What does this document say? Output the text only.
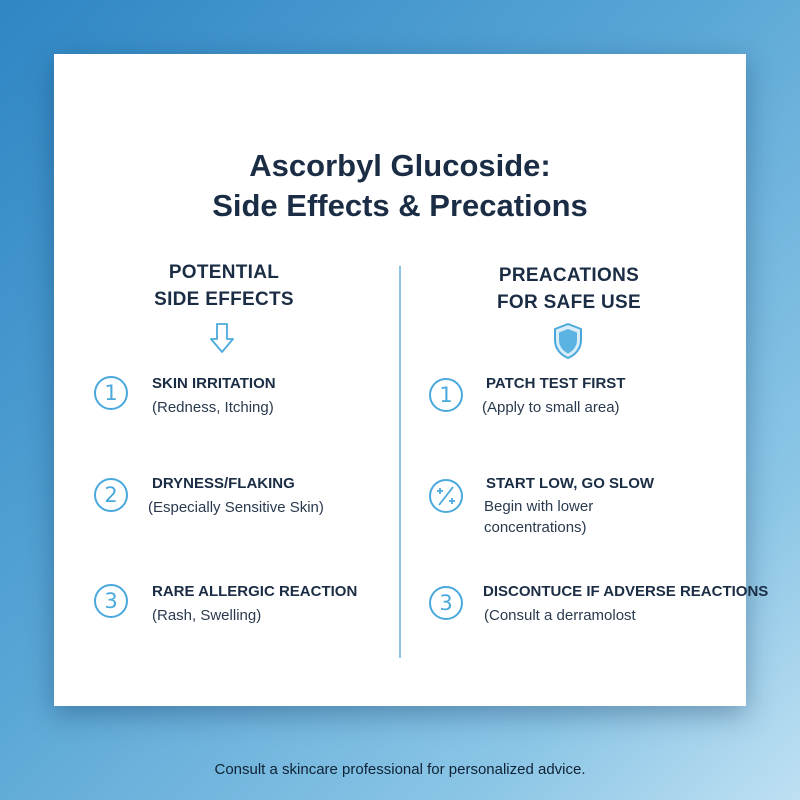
Ascorbyl Glucoside:
Side Effects & Precations
POTENTIAL
SIDE EFFECTS
1	SKIN IRRITATION
(Redness, Itching)
2	DRYNESS/FLAKING
(Especially Sensitive Skin)
3	RARE ALLERGIC REACTION
(Rash, Swelling)
PREACATIONS
FOR SAFE USE
1	PATCH TEST FIRST
(Apply to small area)
START LOW, GO SLOW
Begin with lower
concentrations)
3	DISCONTUCE IF ADVERSE REACTIONS
(Consult a derramolost
Consult a skincare professional for personalized advice.
